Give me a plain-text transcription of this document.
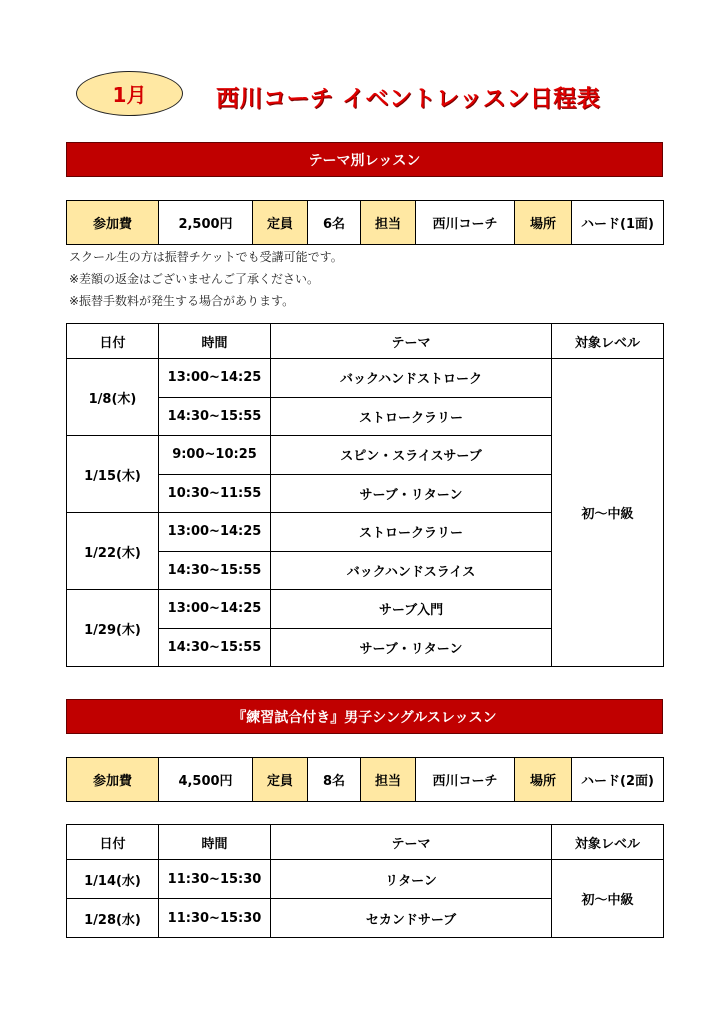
1月	西川コーチ イベントレッスン日程表
テーマ別レッスン
参加費	2,500円	定員	6名	担当	西川コーチ	場所	ハード(1面)
スクール生の方は振替チケットでも受講可能です。
※差額の返金はございませんご了承ください。
※振替手数料が発生する場合があります。
日付	時間	テーマ	対象レベル
1/8(木)	13:00~14:25	バックハンドストローク	初～中級
	14:30~15:55	ストロークラリー	
1/15(木)	9:00~10:25	スピン・スライスサーブ	
	10:30~11:55	サーブ・リターン	
1/22(木)	13:00~14:25	ストロークラリー	
	14:30~15:55	バックハンドスライス	
1/29(木)	13:00~14:25	サーブ入門	
	14:30~15:55	サーブ・リターン	
『練習試合付き』男子シングルスレッスン
参加費	4,500円	定員	8名	担当	西川コーチ	場所	ハード(2面)
日付	時間	テーマ	対象レベル
1/14(水)	11:30~15:30	リターン	初～中級
1/28(水)	11:30~15:30	セカンドサーブ	
